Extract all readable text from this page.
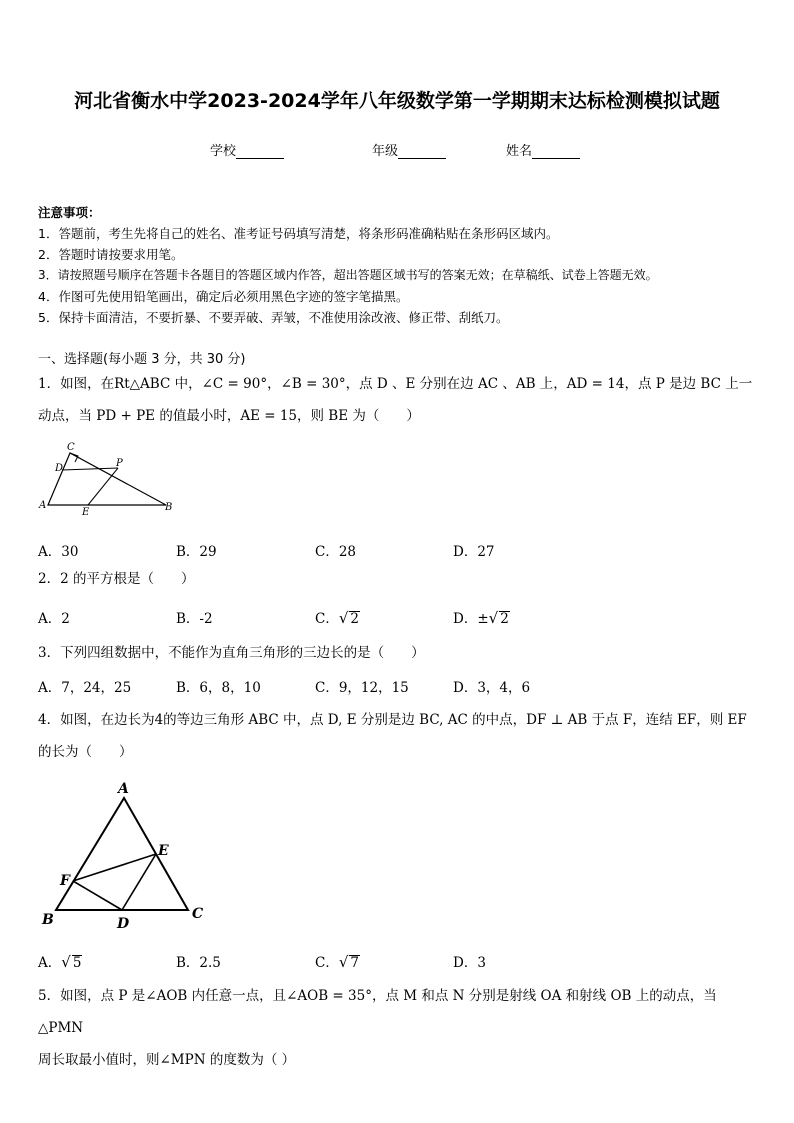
河北省衡水中学2023-2024学年八年级数学第一学期期末达标检测模拟试题
学校	年级	姓名
注意事项：
1．答题前，考生先将自己的姓名、准考证号码填写清楚，将条形码准确粘贴在条形码区域内。
2．答题时请按要求用笔。
3．请按照题号顺序在答题卡各题目的答题区域内作答，超出答题区域书写的答案无效；在草稿纸、试卷上答题无效。
4．作图可先使用铅笔画出，确定后必须用黑色字迹的签字笔描黑。
5．保持卡面清洁，不要折暴、不要弄破、弄皱，不准使用涂改液、修正带、刮纸刀。
一、选择题(每小题 3 分，共 30 分)
1．如图，在Rt△ABC 中，∠C = 90°，∠B = 30°，点 D 、E 分别在边 AC 、AB 上，AD = 14，点 P 是边 BC 上一
动点，当 PD + PE 的值最小时，AE = 15，则 BE 为（　　）
C
D	P
A
E	B
A．30	B．29	C．28	D．27
2．2 的平方根是（　　）
A．2	B．-2	C．√ 2	D．±√ 2
3．下列四组数据中，不能作为直角三角形的三边长的是（　　）
A．7，24，25	B．6，8，10	C．9，12，15	D．3，4，6
4．如图，在边长为4的等边三角形 ABC 中，点 D, E 分别是边 BC, AC 的中点，DF ⊥ AB 于点 F，连结 EF，则 EF
的长为（　　）
A
E
F
B	D
C
A．√ 5	B．2.5	C．√ 7	D．3
5．如图，点 P 是∠AOB 内任意一点，且∠AOB = 35°，点 M 和点 N 分别是射线 OA 和射线 OB 上的动点，当△PMN
周长取最小值时，则∠MPN 的度数为（ ）
